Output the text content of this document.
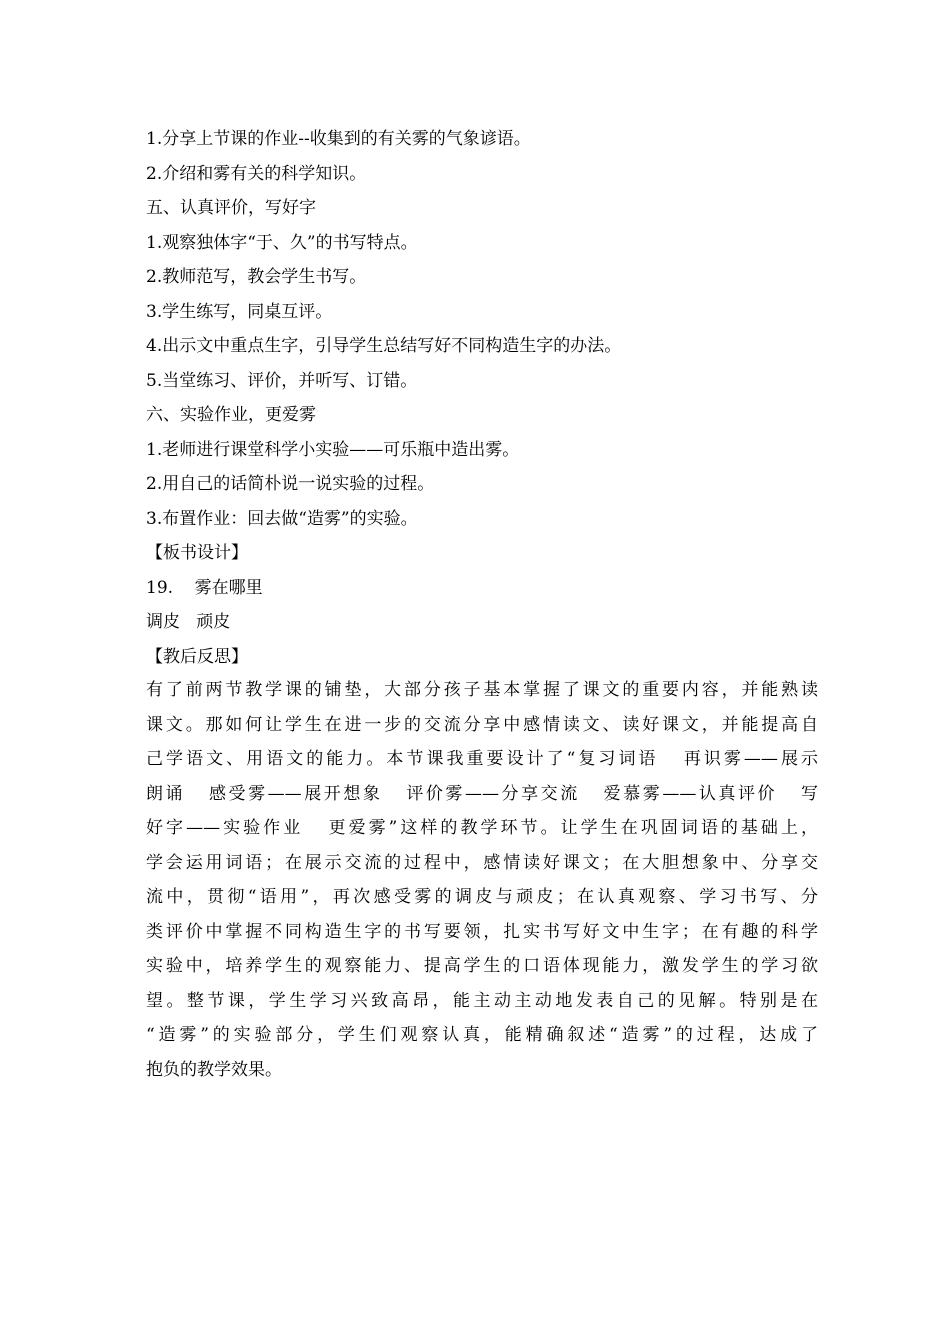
1.分享上节课的作业--收集到的有关雾的气象谚语。

2.介绍和雾有关的科学知识。

五、认真评价，写好字

1.观察独体字“于、久”的书写特点。

2.教师范写，教会学生书写。

3.学生练写，同桌互评。

4.出示文中重点生字，引导学生总结写好不同构造生字的办法。

5.当堂练习、评价，并听写、订错。

六、实验作业，更爱雾

1.老师进行课堂科学小实验——可乐瓶中造出雾。

2.用自己的话简朴说一说实验的过程。

3.布置作业：回去做“造雾”的实验。

【板书设计】

19.    雾在哪里

调皮   顽皮

【教后反思】

有了前两节教学课的铺垫，大部分孩子基本掌握了课文的重要内容，并能熟读
课文。那如何让学生在进一步的交流分享中感情读文、读好课文，并能提高自
己学语文、用语文的能力。本节课我重要设计了“复习词语   再识雾——展示
朗诵   感受雾——展开想象   评价雾——分享交流   爱慕雾——认真评价   写
好字——实验作业   更爱雾”这样的教学环节。让学生在巩固词语的基础上，
学会运用词语；在展示交流的过程中，感情读好课文；在大胆想象中、分享交
流中，贯彻“语用”，再次感受雾的调皮与顽皮；在认真观察、学习书写、分
类评价中掌握不同构造生字的书写要领，扎实书写好文中生字；在有趣的科学
实验中，培养学生的观察能力、提高学生的口语体现能力，激发学生的学习欲
望。整节课，学生学习兴致高昂，能主动主动地发表自己的见解。特别是在
“造雾”的实验部分，学生们观察认真，能精确叙述“造雾”的过程，达成了
抱负的教学效果。
